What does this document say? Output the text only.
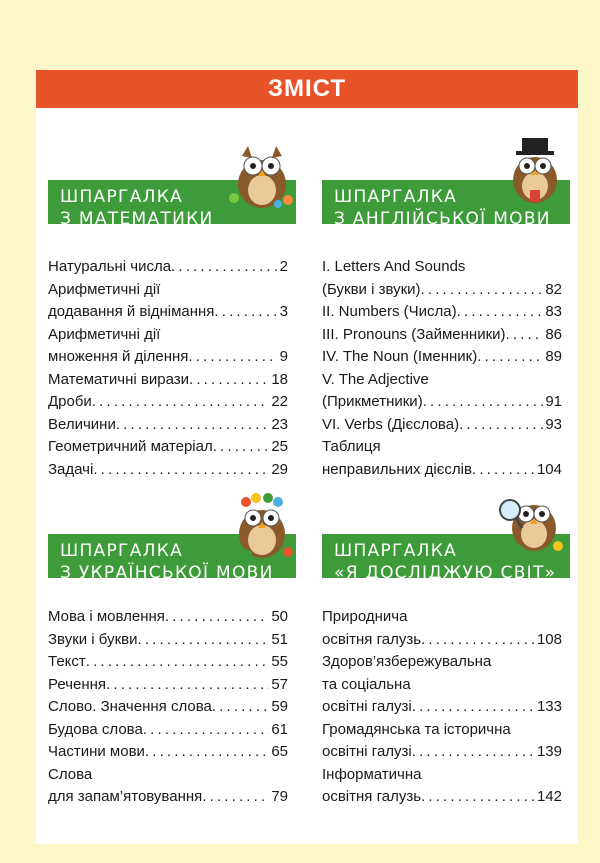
ЗМІСТ
ШПАРГАЛКА
З МАТЕМАТИКИ
Натуральні числа . . .	2
Арифметичні дії
додавання й віднімання . . .	3
Арифметичні дії
множення й ділення . . .	9
Математичні вирази . . .	18
Дроби . . .	22
Величини . . .	23
Геометричний матеріал . . .	25
Задачі . . .	29
ШПАРГАЛКА
З АНГЛІЙСЬКОЇ МОВИ
I. Letters And Sounds
(Букви і звуки) . . .	82
II. Numbers (Числа) . . .	83
III. Pronouns (Займенники) . . .	86
IV. The Noun (Іменник) . . .	89
V. The Adjective
(Прикметники) . . .	91
VI. Verbs (Дієслова) . . .	93
Таблиця
неправильних дієслів . . .	104
ШПАРГАЛКА
З УКРАЇНСЬКОЇ МОВИ
Мова і мовлення . . .	50
Звуки і букви . . .	51
Текст . . .	55
Речення . . .	57
Слово. Значення слова . . .	59
Будова слова . . .	61
Частини мови . . .	65
Слова
для запам’ятовування . . .	79
ШПАРГАЛКА
«Я ДОСЛІДЖУЮ СВІТ»
Природнича
освітня галузь . . .	108
Здоров’язбережувальна
та соціальна
освітні галузі . . .	133
Громадянська та історична
освітні галузі . . .	139
Інформатична
освітня галузь . . .	142
